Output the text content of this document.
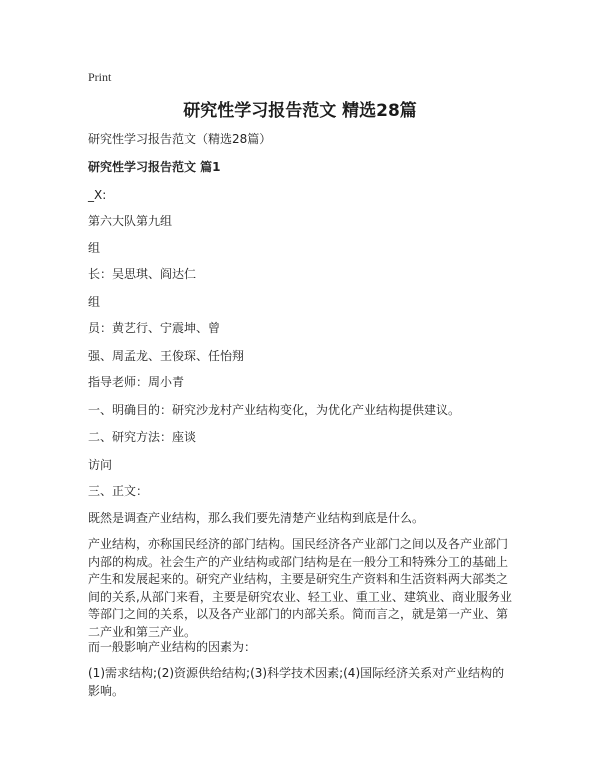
Print
研究性学习报告范文 精选28篇
研究性学习报告范文（精选28篇）
研究性学习报告范文 篇1
_X:
第六大队第九组
组
长：吴思琪、阎达仁
组
员：黄艺行、宁震坤、曾
强、周孟龙、王俊琛、任怡翔
指导老师：周小青
一、明确目的：研究沙龙村产业结构变化，为优化产业结构提供建议。
二、研究方法：座谈
访问
三、正文：
既然是调查产业结构，那么我们要先清楚产业结构到底是什么。
产业结构，亦称国民经济的部门结构。国民经济各产业部门之间以及各产业部门内部的构成。社会生产的产业结构或部门结构是在一般分工和特殊分工的基础上产生和发展起来的。研究产业结构，主要是研究生产资料和生活资料两大部类之间的关系,从部门来看，主要是研究农业、轻工业、重工业、建筑业、商业服务业等部门之间的关系，以及各产业部门的内部关系。简而言之，就是第一产业、第二产业和第三产业。
而一般影响产业结构的因素为：
(1)需求结构;(2)资源供给结构;(3)科学技术因素;(4)国际经济关系对产业结构的影响。
